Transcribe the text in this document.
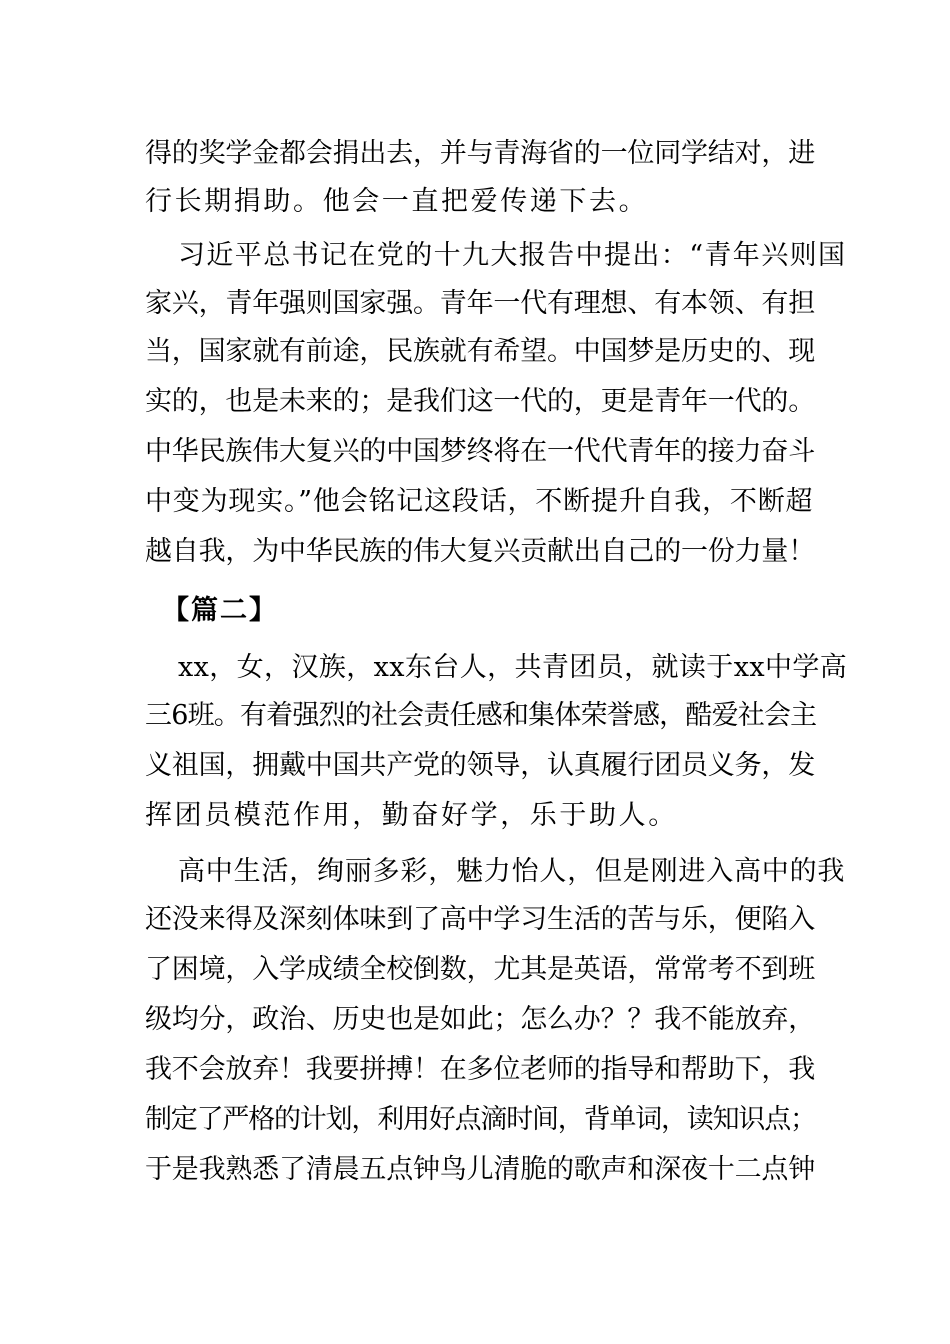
得的奖学金都会捐出去，并与青海省的一位同学结对，进
行长期捐助。他会一直把爱传递下去。
习近平总书记在党的十九大报告中提出：“青年兴则国
家兴，青年强则国家强。青年一代有理想、有本领、有担
当，国家就有前途，民族就有希望。中国梦是历史的、现
实的，也是未来的；是我们这一代的，更是青年一代的。
中华民族伟大复兴的中国梦终将在一代代青年的接力奋斗
中变为现实。”他会铭记这段话，不断提升自我，不断超
越自我，为中华民族的伟大复兴贡献出自己的一份力量！
【篇二】
xx，女，汉族，xx东台人，共青团员，就读于xx中学高
三6班。有着强烈的社会责任感和集体荣誉感，酷爱社会主
义祖国，拥戴中国共产党的领导，认真履行团员义务，发
挥团员模范作用，勤奋好学，乐于助人。
高中生活，绚丽多彩，魅力怡人，但是刚进入高中的我
还没来得及深刻体味到了高中学习生活的苦与乐，便陷入
了困境，入学成绩全校倒数，尤其是英语，常常考不到班
级均分，政治、历史也是如此；怎么办？？我不能放弃，
我不会放弃！我要拼搏！在多位老师的指导和帮助下，我
制定了严格的计划，利用好点滴时间，背单词，读知识点；
于是我熟悉了清晨五点钟鸟儿清脆的歌声和深夜十二点钟
